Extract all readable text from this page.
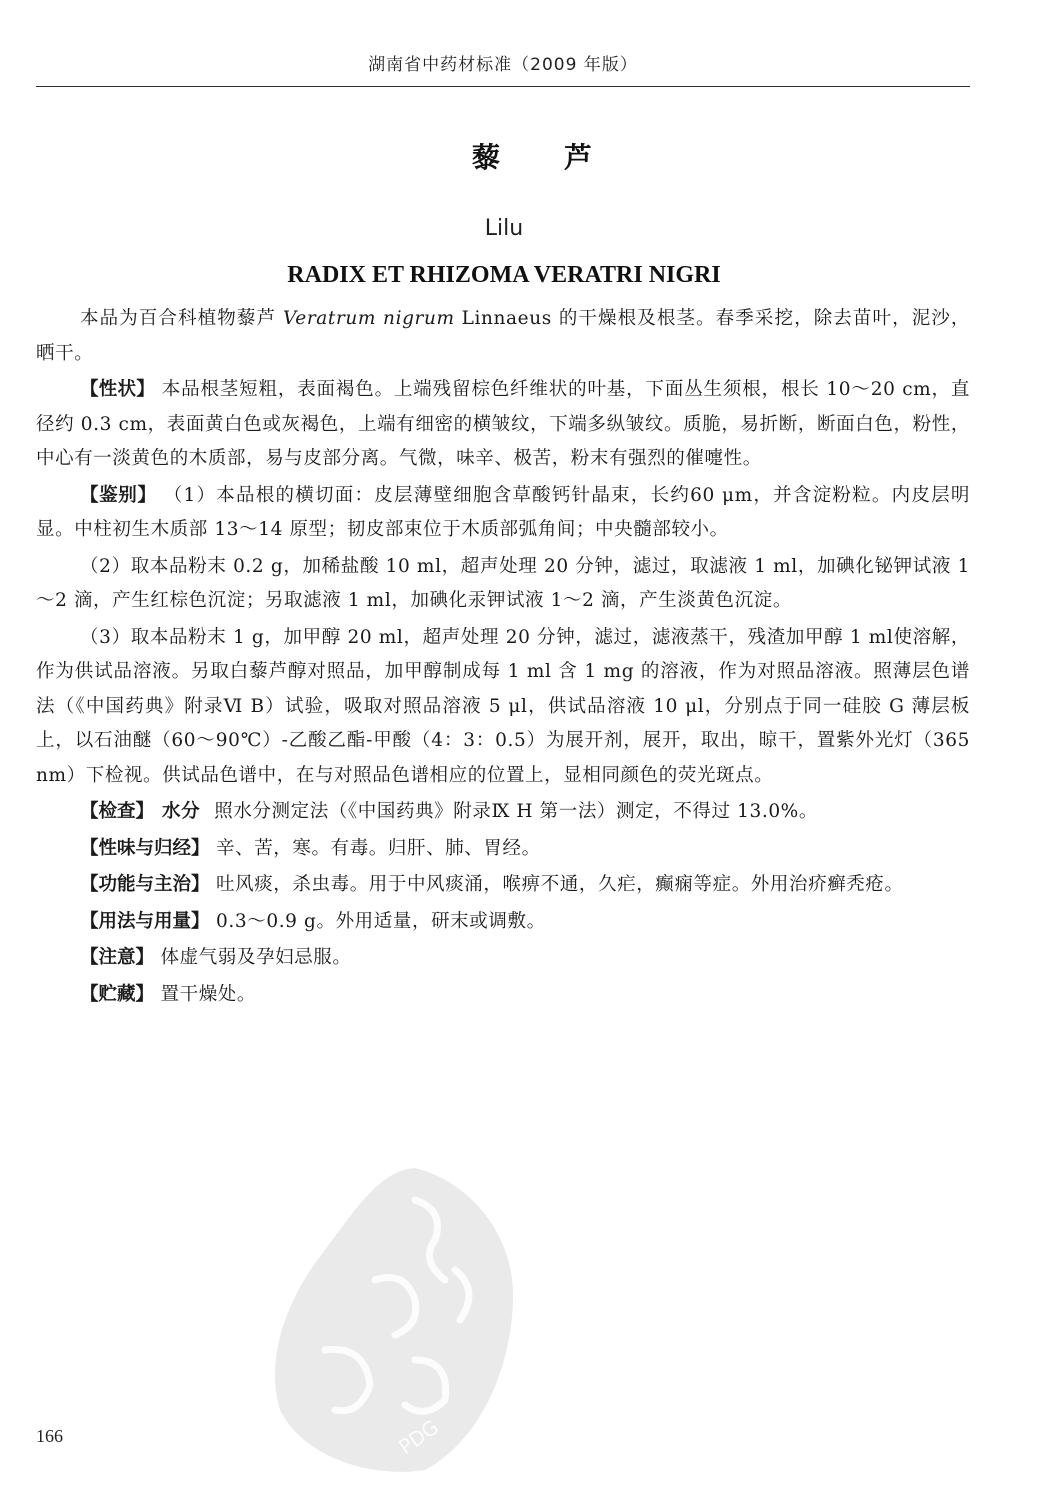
湖南省中药材标准（2009 年版）
藜芦
Lilu
RADIX ET RHIZOMA VERATRI NIGRI

本品为百合科植物藜芦 Veratrum nigrum Linnaeus 的干燥根及根茎。春季采挖，除去苗叶，泥沙，晒干。

【性状】 本品根茎短粗，表面褐色。上端残留棕色纤维状的叶基，下面丛生须根，根长 10～20 cm，直径约 0.3 cm，表面黄白色或灰褐色，上端有细密的横皱纹，下端多纵皱纹。质脆，易折断，断面白色，粉性，中心有一淡黄色的木质部，易与皮部分离。气微，味辛、极苦，粉末有强烈的催嚏性。

【鉴别】 （1）本品根的横切面：皮层薄壁细胞含草酸钙针晶束，长约60 μm，并含淀粉粒。内皮层明显。中柱初生木质部 13～14 原型；韧皮部束位于木质部弧角间；中央髓部较小。

（2）取本品粉末 0.2 g，加稀盐酸 10 ml，超声处理 20 分钟，滤过，取滤液 1 ml，加碘化铋钾试液 1～2 滴，产生红棕色沉淀；另取滤液 1 ml，加碘化汞钾试液 1～2 滴，产生淡黄色沉淀。

（3）取本品粉末 1 g，加甲醇 20 ml，超声处理 20 分钟，滤过，滤液蒸干，残渣加甲醇 1 ml使溶解，作为供试品溶液。另取白藜芦醇对照品，加甲醇制成每 1 ml 含 1 mg 的溶液，作为对照品溶液。照薄层色谱法（《中国药典》附录Ⅵ B）试验，吸取对照品溶液 5 μl，供试品溶液 10 μl，分别点于同一硅胶 G 薄层板上，以石油醚（60～90℃）-乙酸乙酯-甲酸（4：3：0.5）为展开剂，展开，取出，晾干，置紫外光灯（365 nm）下检视。供试品色谱中，在与对照品色谱相应的位置上，显相同颜色的荧光斑点。

【检查】 水分 照水分测定法（《中国药典》附录Ⅸ H 第一法）测定，不得过 13.0%。

【性味与归经】 辛、苦，寒。有毒。归肝、肺、胃经。

【功能与主治】 吐风痰，杀虫毒。用于中风痰涌，喉痹不通，久疟，癫痫等症。外用治疥癣秃疮。

【用法与用量】 0.3～0.9 g。外用适量，研末或调敷。

【注意】 体虚气弱及孕妇忌服。

【贮藏】 置干燥处。

PDG
166
